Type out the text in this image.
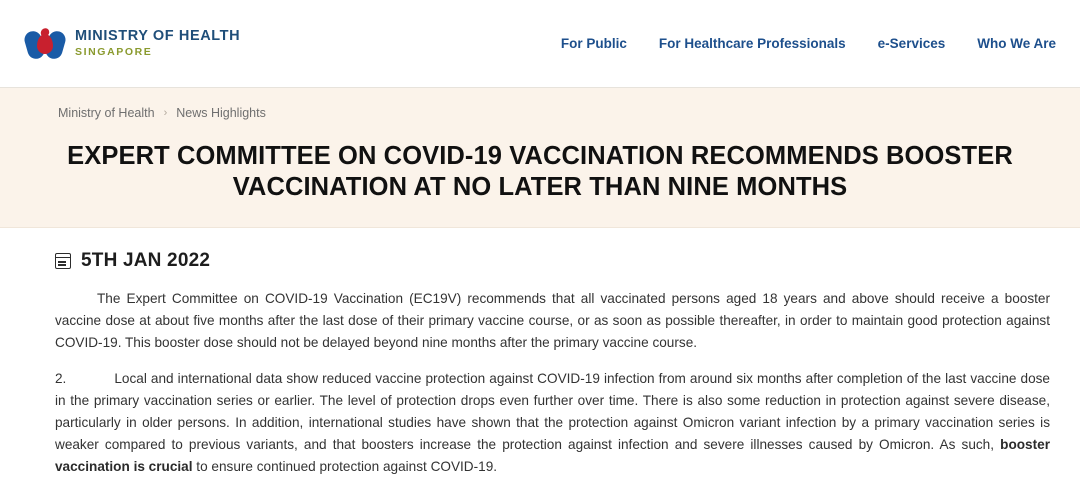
MINISTRY OF HEALTH
SINGAPORE
For Public For Healthcare Professionals e-Services Who We Are
Ministry of Health › News Highlights
EXPERT COMMITTEE ON COVID-19 VACCINATION RECOMMENDS BOOSTER VACCINATION AT NO LATER THAN NINE MONTHS
5TH JAN 2022

The Expert Committee on COVID-19 Vaccination (EC19V) recommends that all vaccinated persons aged 18 years and above should receive a booster vaccine dose at about five months after the last dose of their primary vaccine course, or as soon as possible thereafter, in order to maintain good protection against COVID-19. This booster dose should not be delayed beyond nine months after the primary vaccine course.

2.	Local and international data show reduced vaccine protection against COVID-19 infection from around six months after completion of the last vaccine dose in the primary vaccination series or earlier. The level of protection drops even further over time. There is also some reduction in protection against severe disease, particularly in older persons. In addition, international studies have shown that the protection against Omicron variant infection by a primary vaccination series is weaker compared to previous variants, and that boosters increase the protection against infection and severe illnesses caused by Omicron. As such, booster vaccination is crucial to ensure continued protection against COVID-19.
